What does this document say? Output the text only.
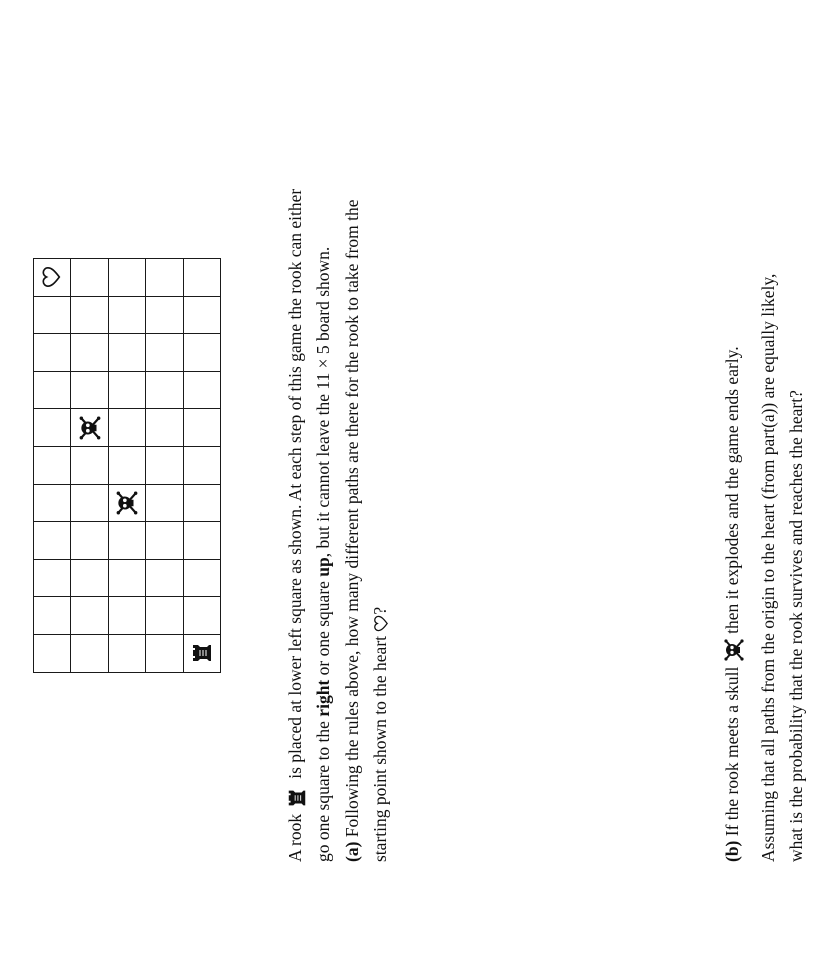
A rook   is placed at lower left square as shown. At each step of this game the rook can either
go one square to the right or one square up, but it cannot leave the 11 × 5 board shown.
(a) Following the rules above, how many different paths are there for the rook to take from the starting point shown to the heart ?
(b) If the rook meets a skull  then it explodes and the game ends early. Assuming that all paths from the origin to the heart (from part(a)) are equally likely, what is the probability that the rook survives and reaches the heart?
